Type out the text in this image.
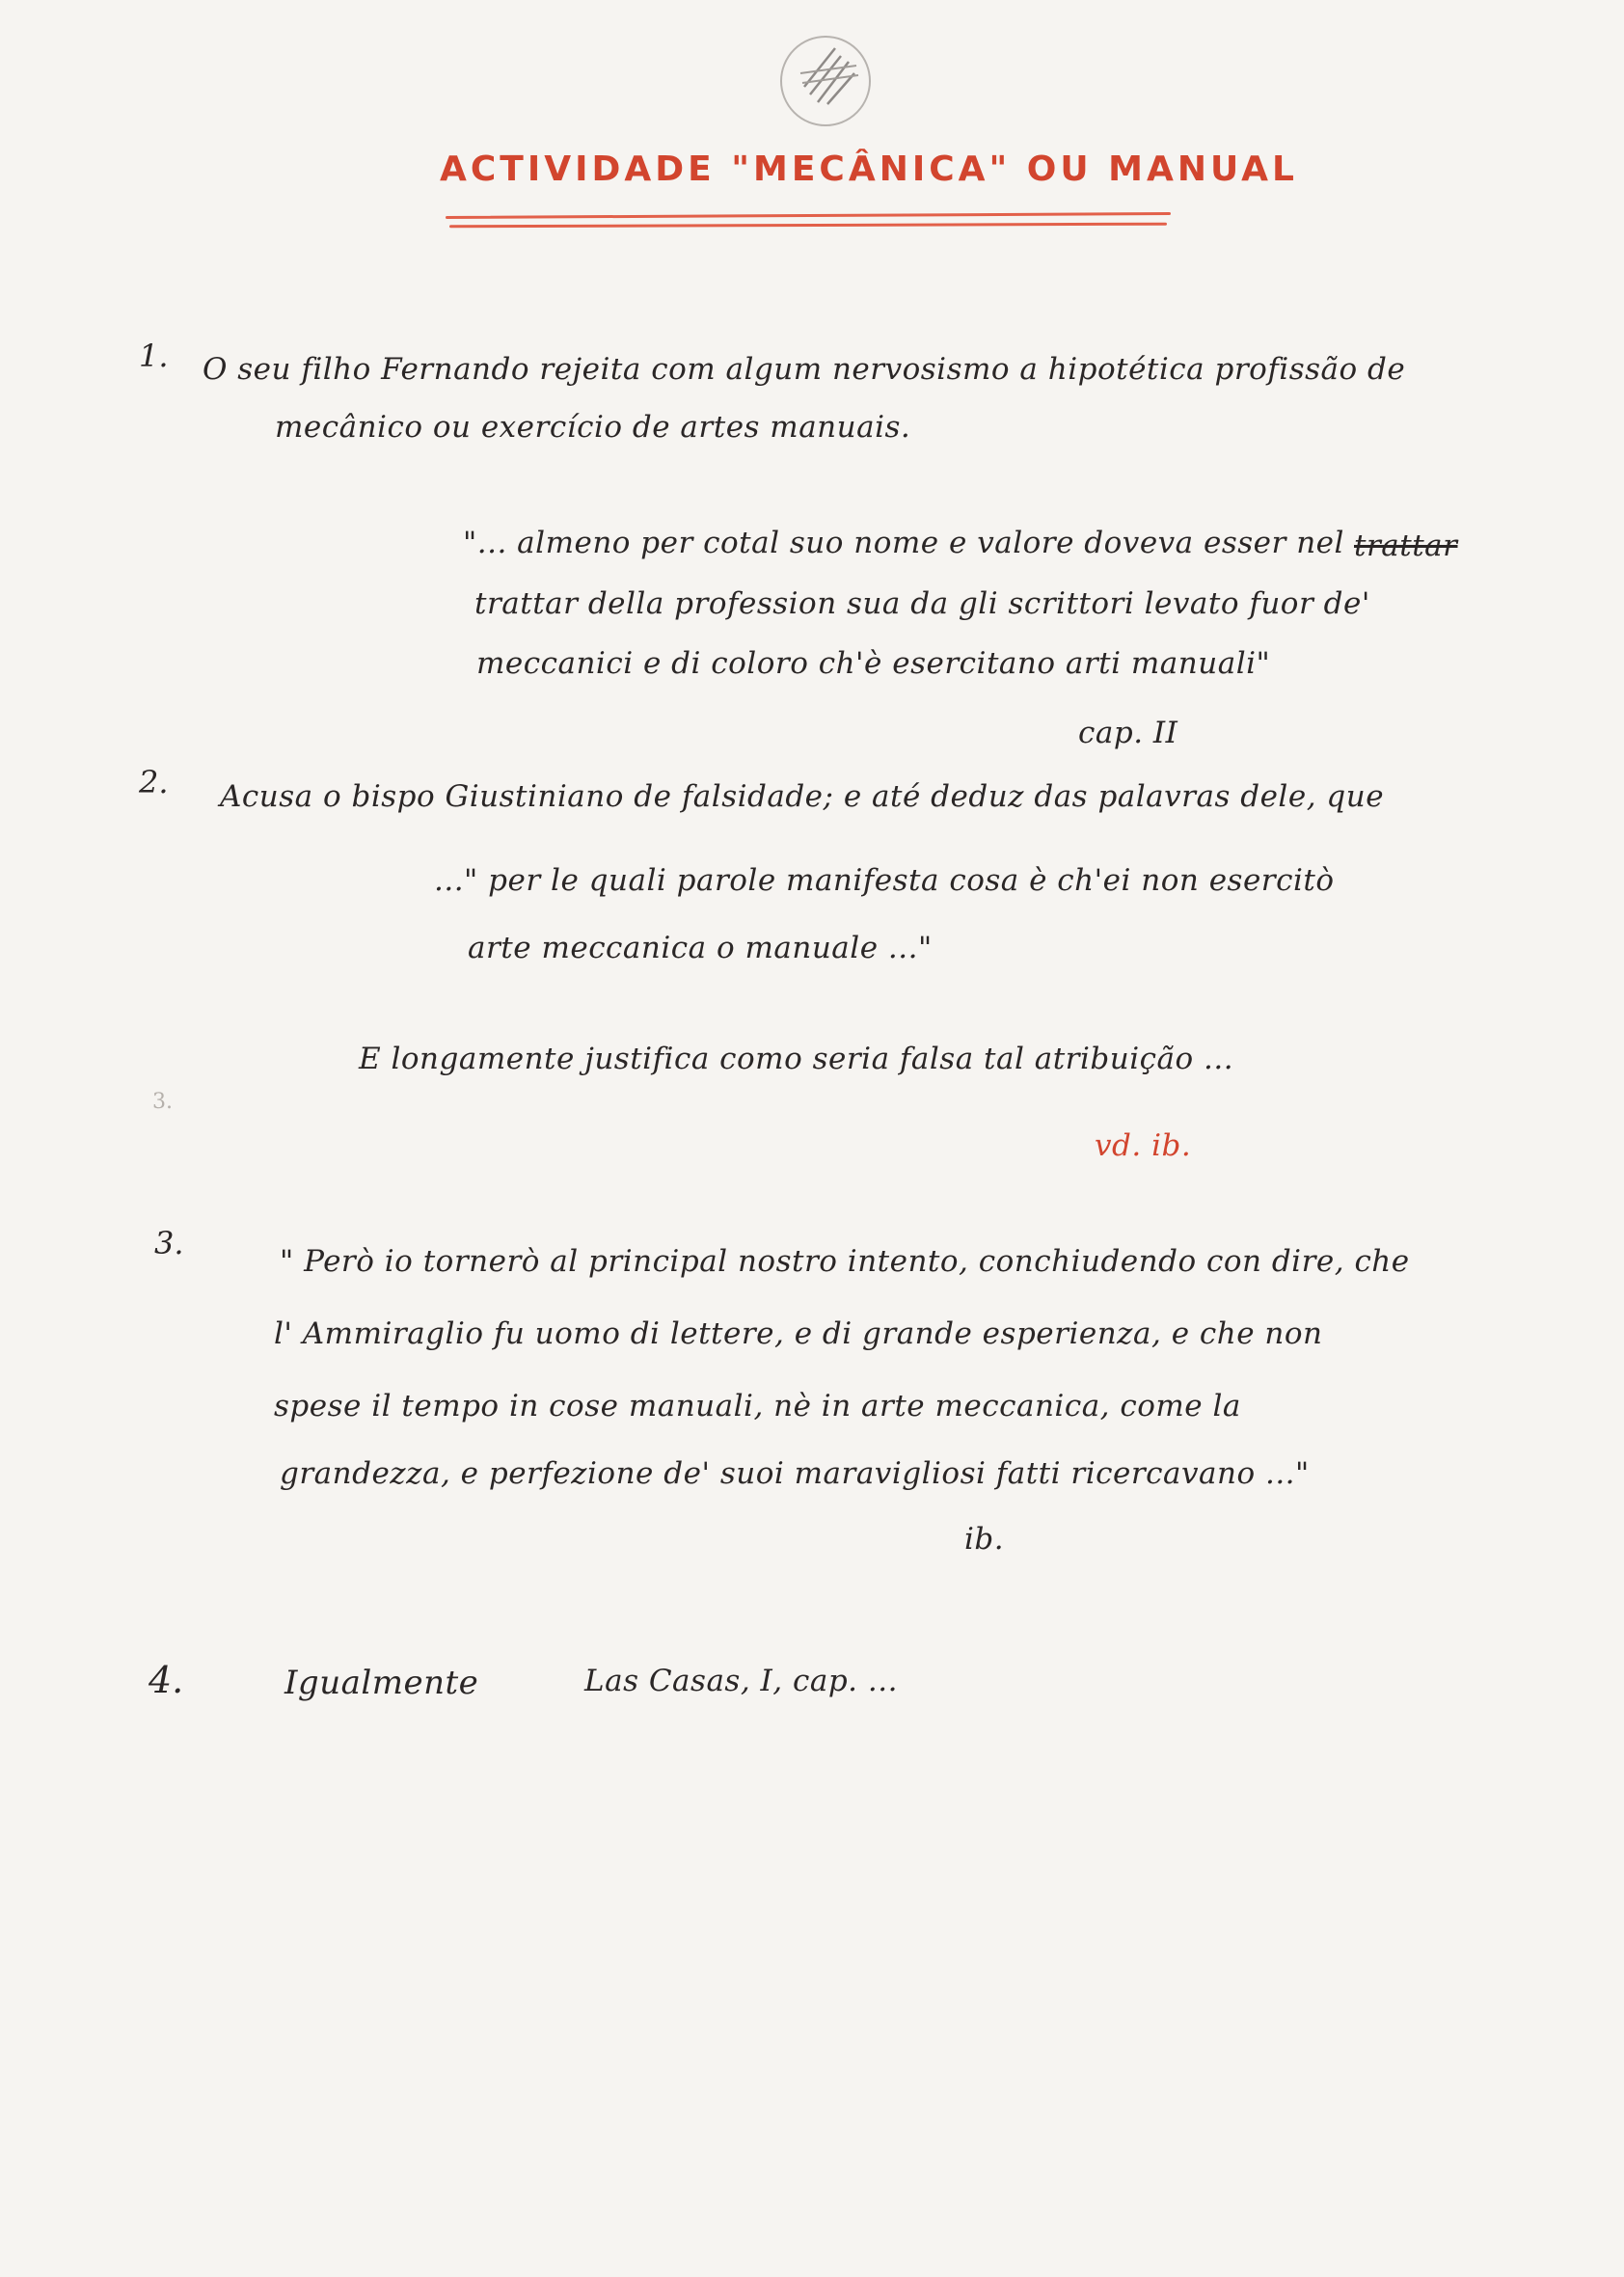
ACTIVIDADE "MECÂNICA" OU MANUAL
1. O seu filho Fernando rejeita com algum nervosismo a hipotética profissão de
mecânico ou exercício de artes manuais.
"... almeno per cotal suo nome e valore doveva esser nel trattar
trattar della profession sua da gli scrittori levato fuor de'
meccanici e di coloro ch'è esercitano arti manuali"
cap. II
2. Acusa o bispo Giustiniano de falsidade; e até deduz das palavras dele, que
..." per le quali parole manifesta cosa è ch'ei non esercitò
arte meccanica o manuale ..."
E longamente justifica como seria falsa tal atribuição ...
3.
vd. ib.
3.	" Però io tornerò al principal nostro intento, conchiudendo con dire, che
l' Ammiraglio fu uomo di lettere, e di grande esperienza, e che non
spese il tempo in cose manuali, nè in arte meccanica, come la
grandezza, e perfezione de' suoi maravigliosi fatti ricercavano ..."
ib.
4.	Igualmente	Las Casas, I, cap. ...
